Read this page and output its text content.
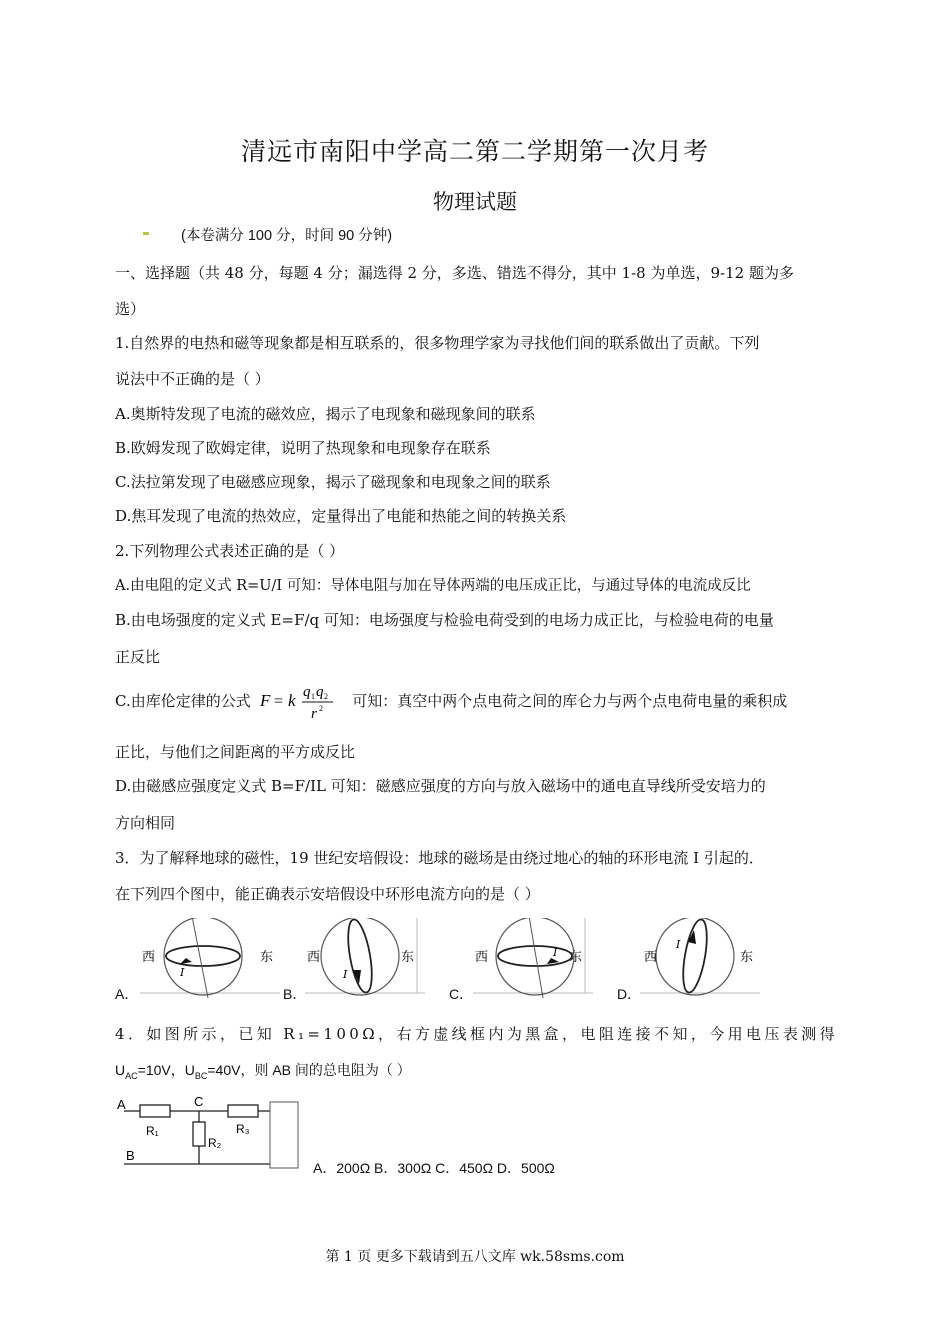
清远市南阳中学高二第二学期第一次月考
物理试题
(本卷满分 100 分，时间 90 分钟)
一、选择题（共 48 分，每题 4 分；漏选得 2 分，多选、错选不得分，其中 1-8 为单选，9-12 题为多
选）
1.自然界的电热和磁等现象都是相互联系的，很多物理学家为寻找他们间的联系做出了贡献。下列
说法中不正确的是（ ）
A.奥斯特发现了电流的磁效应，揭示了电现象和磁现象间的联系
B.欧姆发现了欧姆定律，说明了热现象和电现象存在联系
C.法拉第发现了电磁感应现象，揭示了磁现象和电现象之间的联系
D.焦耳发现了电流的热效应，定量得出了电能和热能之间的转换关系
2.下列物理公式表述正确的是（ ）
A.由电阻的定义式 R=U/I 可知：导体电阻与加在导体两端的电压成正比，与通过导体的电流成反比
B.由电场强度的定义式 E=F/q 可知：电场强度与检验电荷受到的电场力成正比，与检验电荷的电量
正反比
C.由库伦定律的公式	可知：真空中两个点电荷之间的库仑力与两个点电荷电量的乘积成
F = k q 1 q 2
r 2
正比，与他们之间距离的平方成反比
D.由磁感应强度定义式 B=F/IL 可知：磁感应强度的方向与放入磁场中的通电直导线所受安培力的
方向相同
3．为了解释地球的磁性，19 世纪安培假设：地球的磁场是由绕过地心的轴的环形电流 I 引起的．
在下列四个图中，能正确表示安培假设中环形电流方向的是（ ）
西	东
I
A．
西	东
I
B．
西	东
I
C．
西	东
I
D．
4．如图所示，已知 R₁=100Ω，右方虚线框内为黑盒，电阻连接不知，今用电压表测得
$U_{AC}=10V$，$U_{BC}=40V$，则 AB 间的总电阻为（ ）
A	C
B
R₁
R₂
R₃
A．200Ω B．300Ω C．450Ω D．500Ω
第 1 页 更多下载请到五八文库 wk.58sms.com
